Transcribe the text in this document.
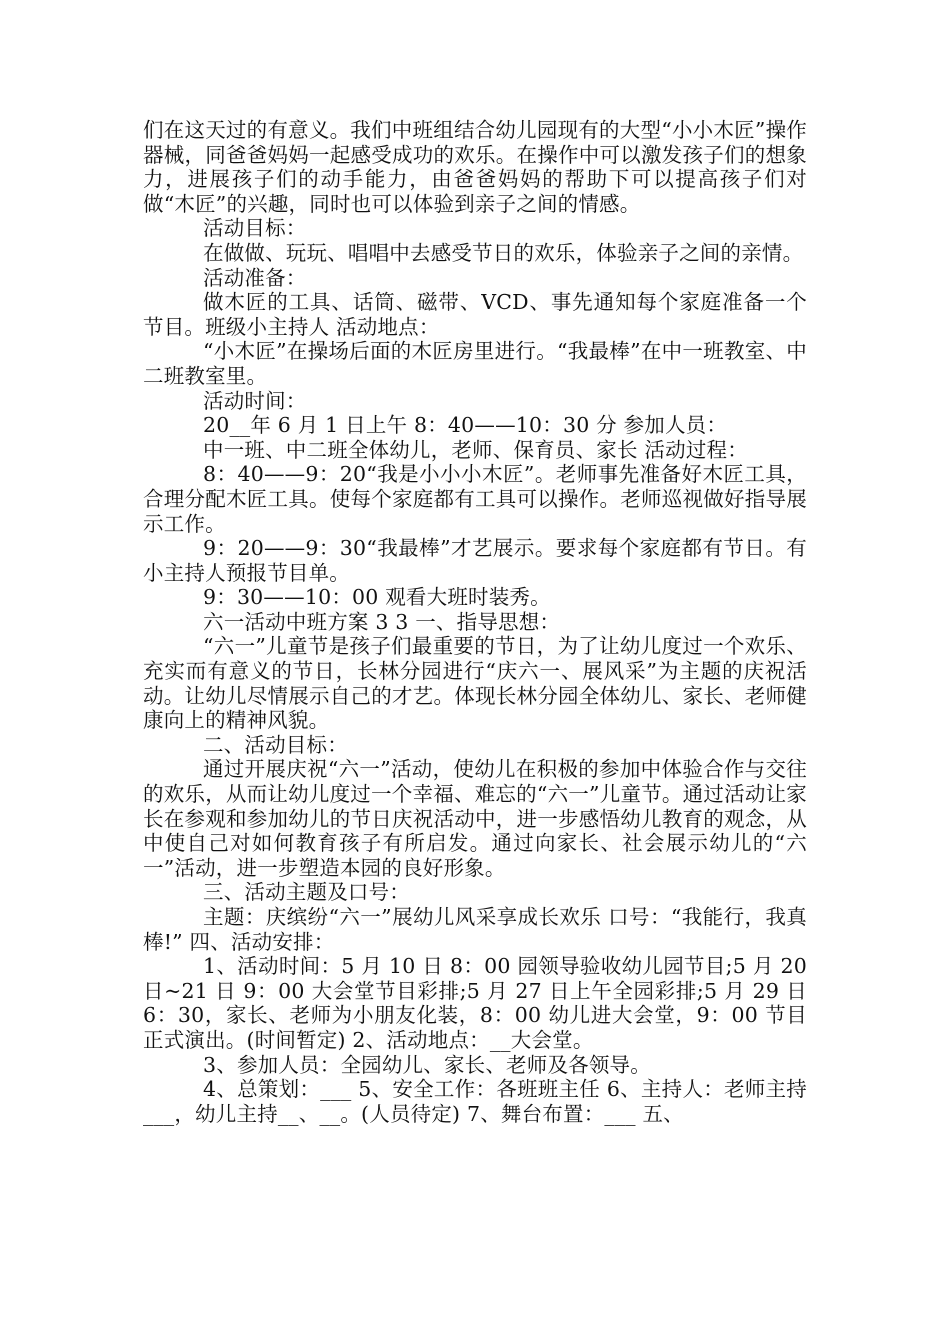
们在这天过的有意义。我们中班组结合幼儿园现有的大型“小小木匠”操作器械，同爸爸妈妈一起感受成功的欢乐。在操作中可以激发孩子们的想象力，进展孩子们的动手能力，由爸爸妈妈的帮助下可以提高孩子们对做“木匠”的兴趣，同时也可以体验到亲子之间的情感。

活动目标：

在做做、玩玩、唱唱中去感受节日的欢乐，体验亲子之间的亲情。

活动准备：

做木匠的工具、话筒、磁带、VCD、事先通知每个家庭准备一个节目。班级小主持人 活动地点：

“小木匠”在操场后面的木匠房里进行。“我最棒”在中一班教室、中二班教室里。

活动时间：

20__年 6 月 1 日上午 8：40——10：30 分 参加人员：

中一班、中二班全体幼儿，老师、保育员、家长 活动过程：

8：40——9：20“我是小小小木匠”。老师事先准备好木匠工具，合理分配木匠工具。使每个家庭都有工具可以操作。老师巡视做好指导展示工作。

9：20——9：30“我最棒”才艺展示。要求每个家庭都有节日。有小主持人预报节目单。

9：30——10：00 观看大班时装秀。

六一活动中班方案 3 3 一、指导思想：

“六一”儿童节是孩子们最重要的节日，为了让幼儿度过一个欢乐、充实而有意义的节日，长林分园进行“庆六一、展风采”为主题的庆祝活动。让幼儿尽情展示自己的才艺。体现长林分园全体幼儿、家长、老师健康向上的精神风貌。

二、活动目标：

通过开展庆祝“六一”活动，使幼儿在积极的参加中体验合作与交往的欢乐，从而让幼儿度过一个幸福、难忘的“六一”儿童节。通过活动让家长在参观和参加幼儿的节日庆祝活动中，进一步感悟幼儿教育的观念，从中使自己对如何教育孩子有所启发。通过向家长、社会展示幼儿的“六一”活动，进一步塑造本园的良好形象。

三、活动主题及口号：

主题：庆缤纷“六一”展幼儿风采享成长欢乐 口号：“我能行，我真棒!” 四、活动安排：

1、活动时间：5 月 10 日 8：00 园领导验收幼儿园节目;5 月 20 日~21 日 9：00 大会堂节目彩排;5 月 27 日上午全园彩排;5 月 29 日 6：30，家长、老师为小朋友化装，8：00 幼儿进大会堂，9：00 节目正式演出。(时间暂定) 2、活动地点：__大会堂。

3、参加人员：全园幼儿、家长、老师及各领导。

4、总策划：___ 5、安全工作：各班班主任 6、主持人：老师主持___，幼儿主持__、__。(人员待定) 7、舞台布置：___ 五、
